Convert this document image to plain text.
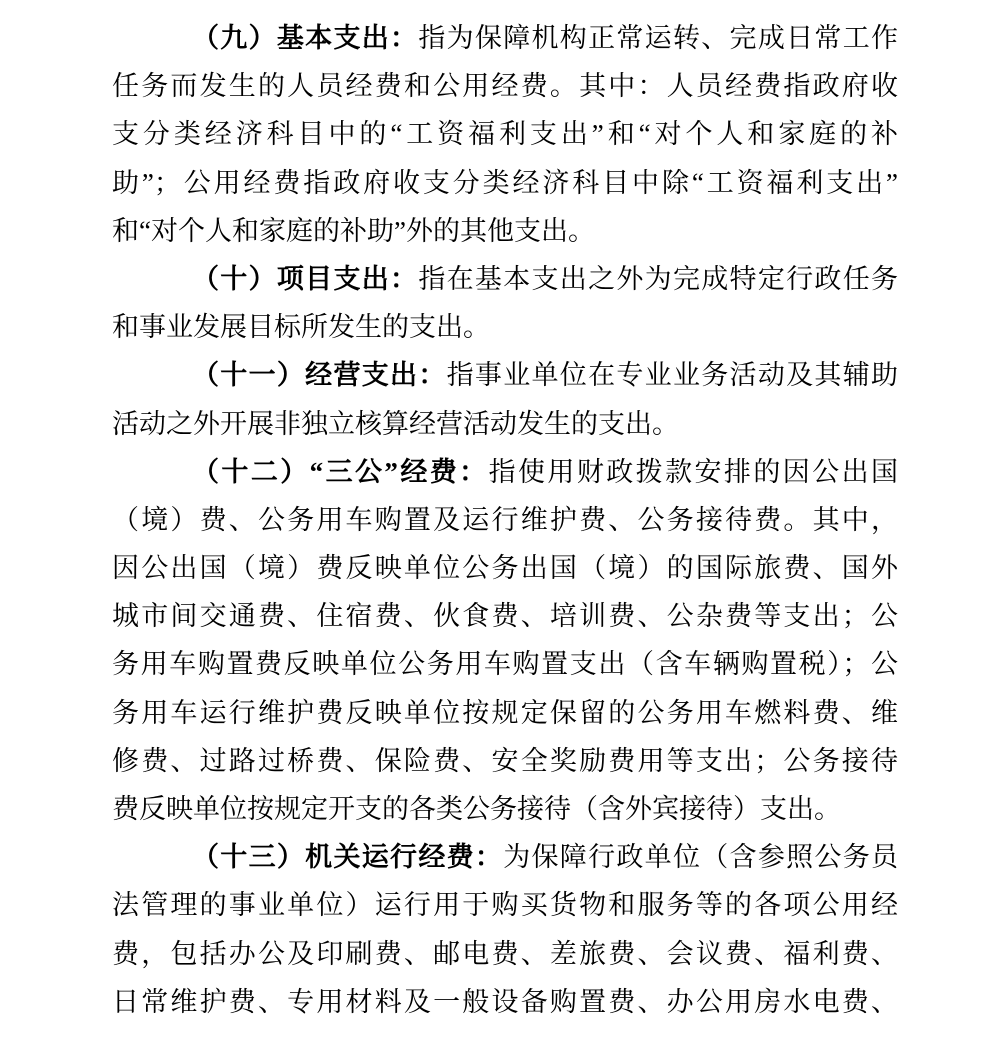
（九）基本支出：指为保障机构正常运转、完成日常工作
任务而发生的人员经费和公用经费。其中：人员经费指政府收
支分类经济科目中的“工资福利支出”和“对个人和家庭的补
助”；公用经费指政府收支分类经济科目中除“工资福利支出”
和“对个人和家庭的补助”外的其他支出。
（十）项目支出：指在基本支出之外为完成特定行政任务
和事业发展目标所发生的支出。
（十一）经营支出：指事业单位在专业业务活动及其辅助
活动之外开展非独立核算经营活动发生的支出。
（十二）“三公”经费：指使用财政拨款安排的因公出国
（境）费、公务用车购置及运行维护费、公务接待费。其中，
因公出国（境）费反映单位公务出国（境）的国际旅费、国外
城市间交通费、住宿费、伙食费、培训费、公杂费等支出；公
务用车购置费反映单位公务用车购置支出（含车辆购置税）；公
务用车运行维护费反映单位按规定保留的公务用车燃料费、维
修费、过路过桥费、保险费、安全奖励费用等支出；公务接待
费反映单位按规定开支的各类公务接待（含外宾接待）支出。
（十三）机关运行经费：为保障行政单位（含参照公务员
法管理的事业单位）运行用于购买货物和服务等的各项公用经
费，包括办公及印刷费、邮电费、差旅费、会议费、福利费、
日常维护费、专用材料及一般设备购置费、办公用房水电费、
